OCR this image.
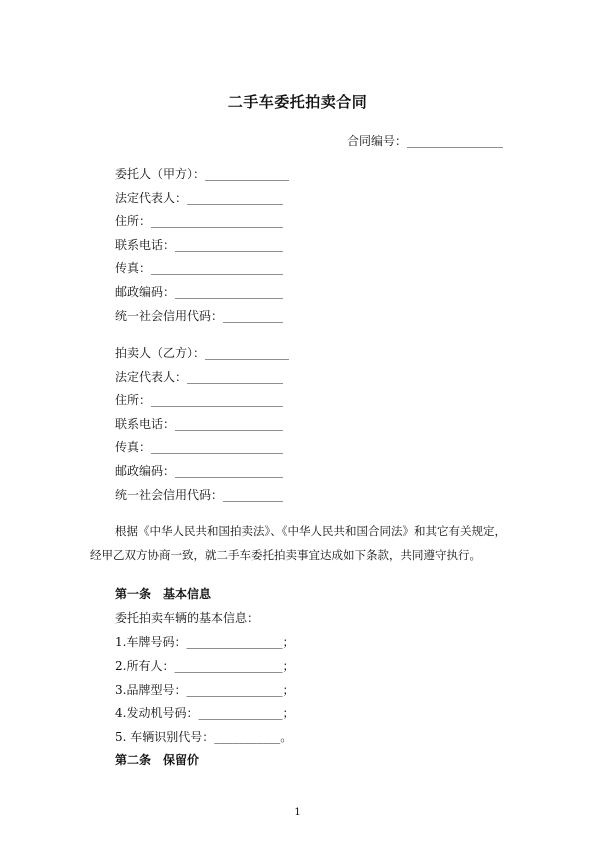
二手车委托拍卖合同
合同编号：________________
委托人（甲方）：______________
法定代表人：________________
住所：______________________
联系电话：__________________
传真：______________________
邮政编码：__________________
统一社会信用代码：__________
拍卖人（乙方）：______________
法定代表人：________________
住所：______________________
联系电话：__________________
传真：______________________
邮政编码：__________________
统一社会信用代码：__________
根据《中华人民共和国拍卖法》、《中华人民共和国合同法》和其它有关规定，
经甲乙双方协商一致，就二手车委托拍卖事宜达成如下条款，共同遵守执行。
第一条　基本信息
委托拍卖车辆的基本信息：
1.车牌号码：________________；
2.所有人：__________________；
3.品牌型号：________________；
4.发动机号码：______________；
5. 车辆识别代号：___________。
第二条　保留价
1
